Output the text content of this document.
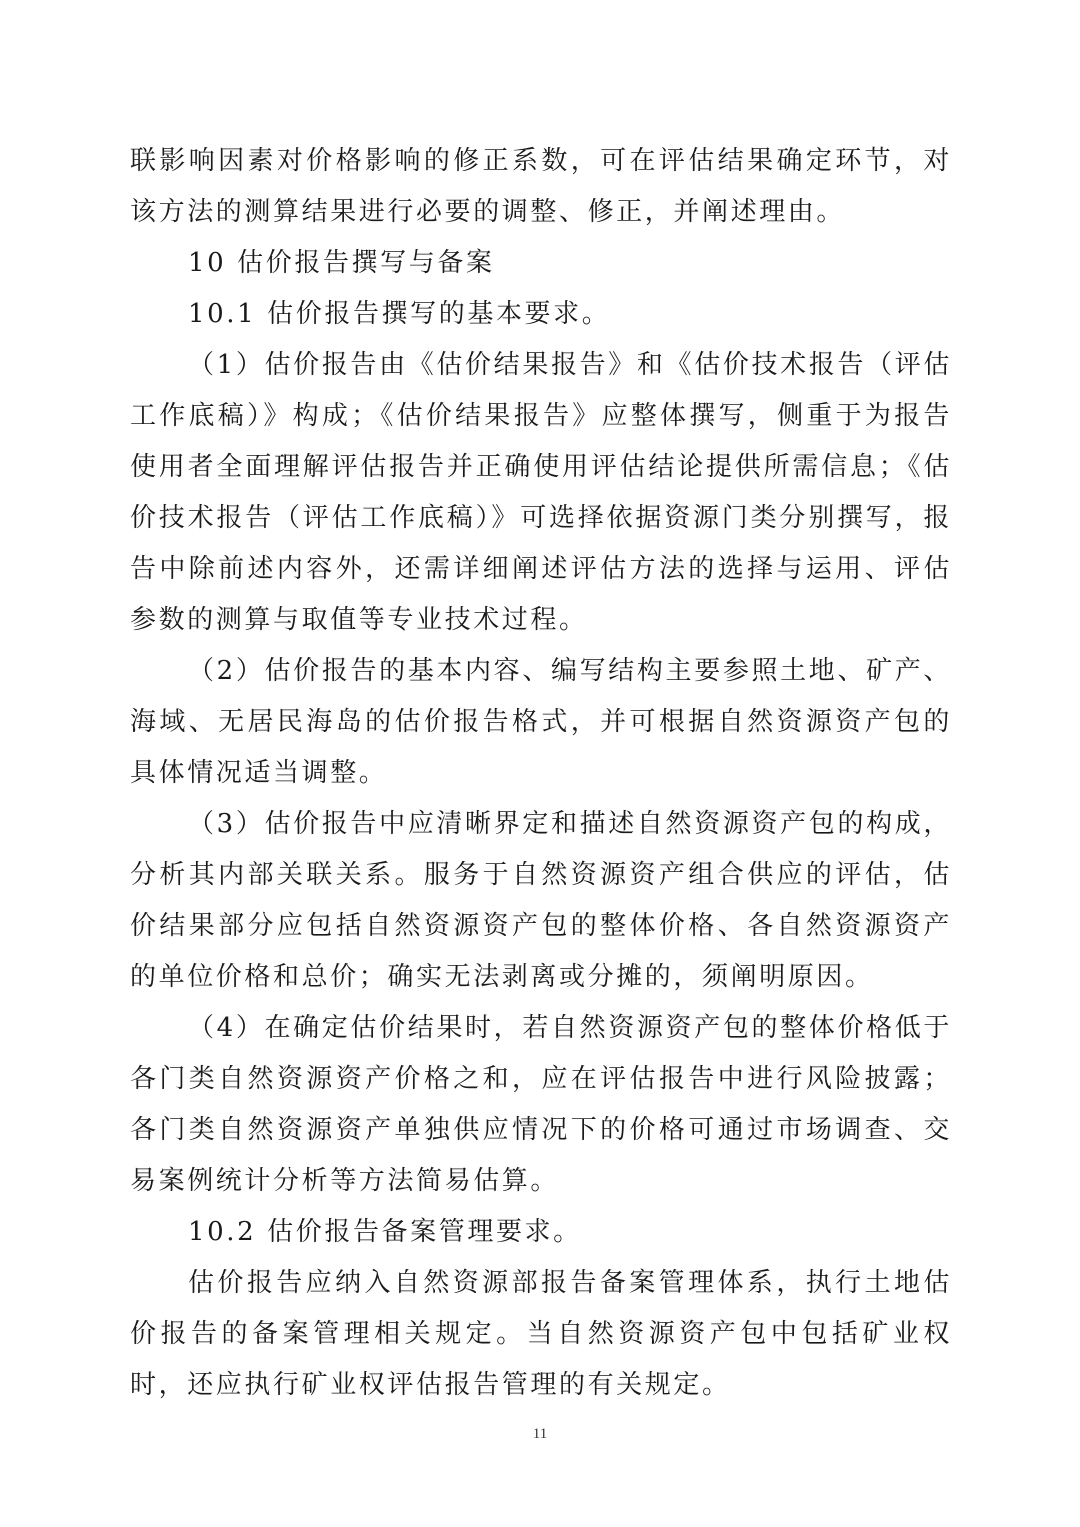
联影响因素对价格影响的修正系数，可在评估结果确定环节，对该方法的测算结果进行必要的调整、修正，并阐述理由。

10 估价报告撰写与备案

10.1 估价报告撰写的基本要求。

（1）估价报告由《估价结果报告》和《估价技术报告（评估工作底稿）》构成；《估价结果报告》应整体撰写，侧重于为报告使用者全面理解评估报告并正确使用评估结论提供所需信息；《估价技术报告（评估工作底稿）》可选择依据资源门类分别撰写，报告中除前述内容外，还需详细阐述评估方法的选择与运用、评估参数的测算与取值等专业技术过程。

（2）估价报告的基本内容、编写结构主要参照土地、矿产、海域、无居民海岛的估价报告格式，并可根据自然资源资产包的具体情况适当调整。

（3）估价报告中应清晰界定和描述自然资源资产包的构成，分析其内部关联关系。服务于自然资源资产组合供应的评估，估价结果部分应包括自然资源资产包的整体价格、各自然资源资产的单位价格和总价；确实无法剥离或分摊的，须阐明原因。

（4）在确定估价结果时，若自然资源资产包的整体价格低于各门类自然资源资产价格之和，应在评估报告中进行风险披露；各门类自然资源资产单独供应情况下的价格可通过市场调查、交易案例统计分析等方法简易估算。

10.2 估价报告备案管理要求。

估价报告应纳入自然资源部报告备案管理体系，执行土地估价报告的备案管理相关规定。当自然资源资产包中包括矿业权时，还应执行矿业权评估报告管理的有关规定。

11
